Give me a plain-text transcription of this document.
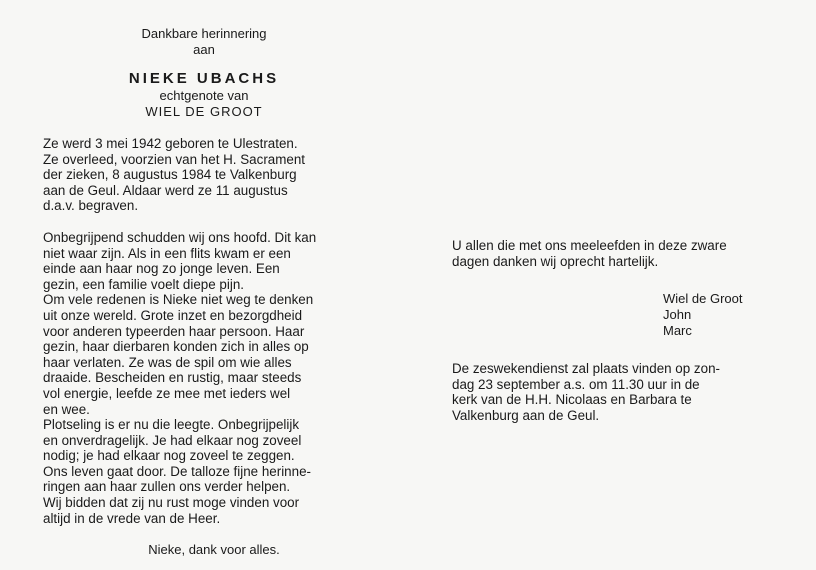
Dankbare herinnering
aan
NIEKE UBACHS
echtgenote van
WIEL DE GROOT

Ze werd 3 mei 1942 geboren te Ulestraten.
Ze overleed, voorzien van het H. Sacrament
der zieken, 8 augustus 1984 te Valkenburg
aan de Geul. Aldaar werd ze 11 augustus
d.a.v. begraven.

Onbegrijpend schudden wij ons hoofd. Dit kan
niet waar zijn. Als in een flits kwam er een
einde aan haar nog zo jonge leven. Een
gezin, een familie voelt diepe pijn.
Om vele redenen is Nieke niet weg te denken
uit onze wereld. Grote inzet en bezorgdheid
voor anderen typeerden haar persoon. Haar
gezin, haar dierbaren konden zich in alles op
haar verlaten. Ze was de spil om wie alles
draaide. Bescheiden en rustig, maar steeds
vol energie, leefde ze mee met ieders wel
en wee.
Plotseling is er nu die leegte. Onbegrijpelijk
en onverdragelijk. Je had elkaar nog zoveel
nodig; je had elkaar nog zoveel te zeggen.
Ons leven gaat door. De talloze fijne herinne-
ringen aan haar zullen ons verder helpen.
Wij bidden dat zij nu rust moge vinden voor
altijd in de vrede van de Heer.

Nieke, dank voor alles.

U allen die met ons meeleefden in deze zware
dagen danken wij oprecht hartelijk.

Wiel de Groot
John
Marc

De zeswekendienst zal plaats vinden op zon-
dag 23 september a.s. om 11.30 uur in de
kerk van de H.H. Nicolaas en Barbara te
Valkenburg aan de Geul.
